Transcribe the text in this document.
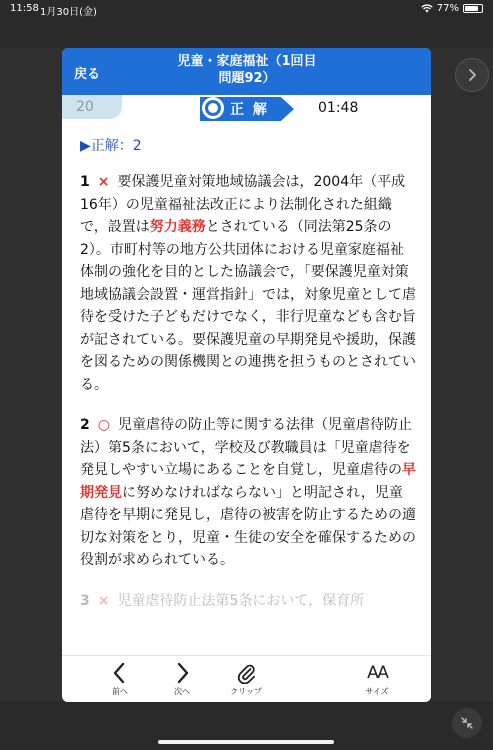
11:58 1月30日(金)	77%
戻る
児童・家庭福祉（1回目
問題92）
20	正 解	01:48
▶正解：2

1 × 要保護児童対策地域協議会は，2004年（平成16年）の児童福祉法改正により法制化された組織で，設置は努力義務とされている（同法第25条の2）。市町村等の地方公共団体における児童家庭福祉体制の強化を目的とした協議会で，「要保護児童対策地域協議会設置・運営指針」では，対象児童として虐待を受けた子どもだけでなく，非行児童なども含む旨が記されている。要保護児童の早期発見や援助，保護を図るための関係機関との連携を担うものとされている。

2 ○ 児童虐待の防止等に関する法律（児童虐待防止法）第5条において，学校及び教職員は「児童虐待を発見しやすい立場にあることを自覚し，児童虐待の早期発見に努めなければならない」と明記され，児童虐待を早期に発見し，虐待の被害を防止するための適切な対策をとり，児童・生徒の安全を確保するための役割が求められている。

3 × 児童虐待防止法第5条において，保育所

前へ	次へ	クリップ
AA
サイズ
